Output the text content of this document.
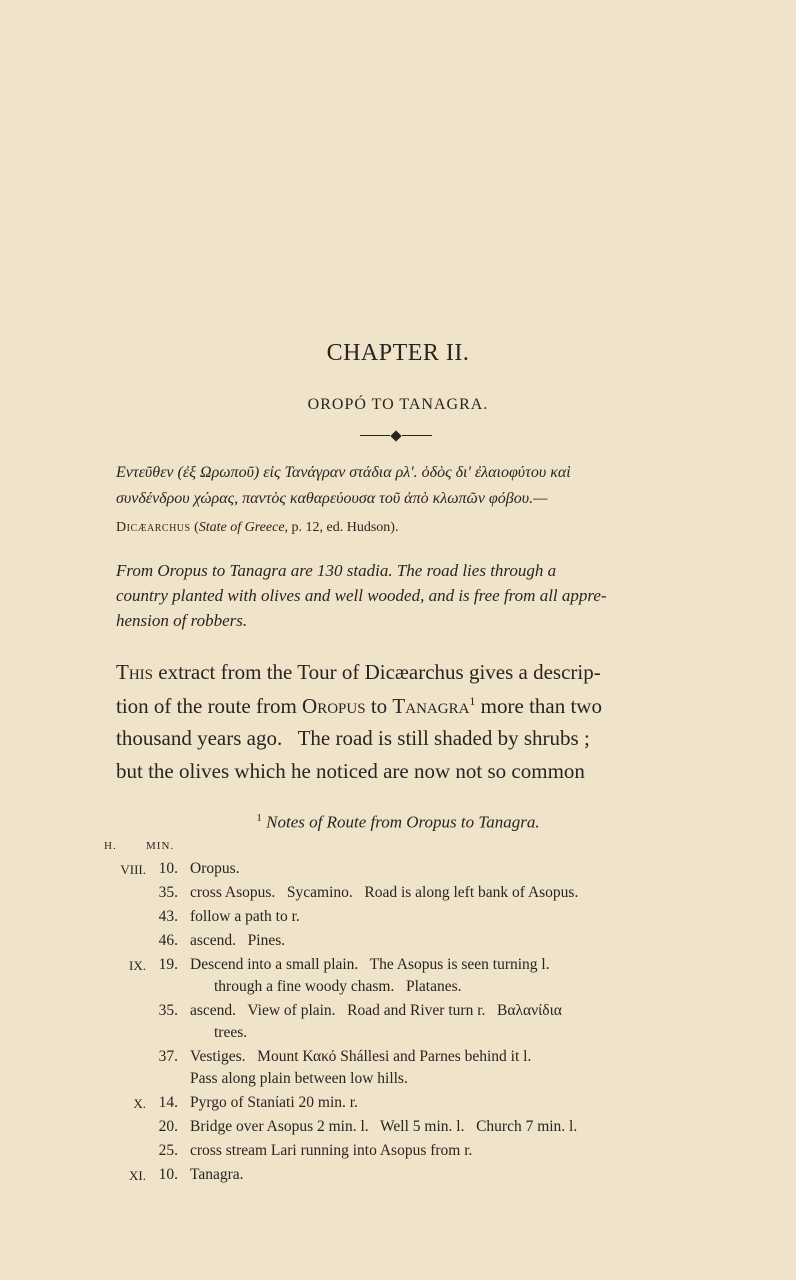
CHAPTER II.
OROPÓ TO TANAGRA.
Εντεῦθεν (ἐξ Ωρωποῦ) εἰς Τανάγραν στάδια ρλ'. ὁδὸς δι' ἐλαιοφύτου καὶ
συνδένδρου χώρας, παντὸς καθαρεύουσα τοῦ ἀπὸ κλωπῶν φόβου.—
Dicæarchus (State of Greece, p. 12, ed. Hudson).
From Oropus to Tanagra are 130 stadia. The road lies through a
country planted with olives and well wooded, and is free from all appre-
hension of robbers.
This extract from the Tour of Dicæarchus gives a descrip-
tion of the route from Oropus to Tanagra$^1$ more than two
thousand years ago.   The road is still shaded by shrubs ;
but the olives which he noticed are now not so common
$^1$ Notes of Route from Oropus to Tanagra.
H.	MIN.
VIII. 10. Oropus.
35. cross Asopus.   Sycamino.   Road is along left bank of Asopus.
43. follow a path to r.
46. ascend.   Pines.
IX. 19. Descend into a small plain.   The Asopus is seen turning l.
through a fine woody chasm.   Platanes.
35. ascend.   View of plain.   Road and River turn r.   Βαλανίδια
trees.
37. Vestiges.   Mount Κακό Shállesi and Parnes behind it l.
Pass along plain between low hills.
X. 14. Pyrgo of Stanίati 20 min. r.
20. Bridge over Asopus 2 min. l.   Well 5 min. l.   Church 7 min. l.
25. cross stream Lari running into Asopus from r.
XI. 10. Tanagra.
